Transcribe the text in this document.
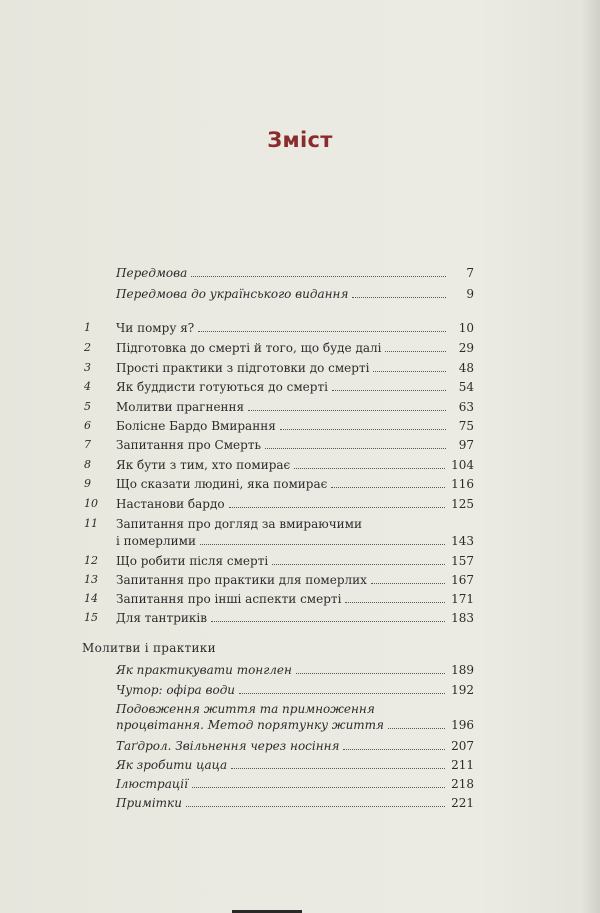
Зміст
Передмова	7
Передмова до українського видання	9
1	Чи помру я?	10
2	Підготовка до смерті й того, що буде далі	29
3	Прості практики з підготовки до смерті	48
4	Як буддисти готуються до смерті	54
5	Молитви прагнення	63
6	Болісне Бардо Вмирання	75
7	Запитання про Смерть	97
8	Як бути з тим, хто помирає	104
9	Що сказати людині, яка помирає	116
10	Настанови бардо	125
11	Запитання про догляд за вмираючими
і померлими	143
12	Що робити після смерті	157
13	Запитання про практики для померлих	167
14	Запитання про інші аспекти смерті	171
15	Для тантриків	183
Молитви і практики
Як практикувати тонглен	189
Чутор: офіра води	192
Подовження життя та примноження
процвітання. Метод порятунку життя	196
Таґдрол. Звільнення через носіння	207
Як зробити цаца	211
Ілюстрації	218
Примітки	221
